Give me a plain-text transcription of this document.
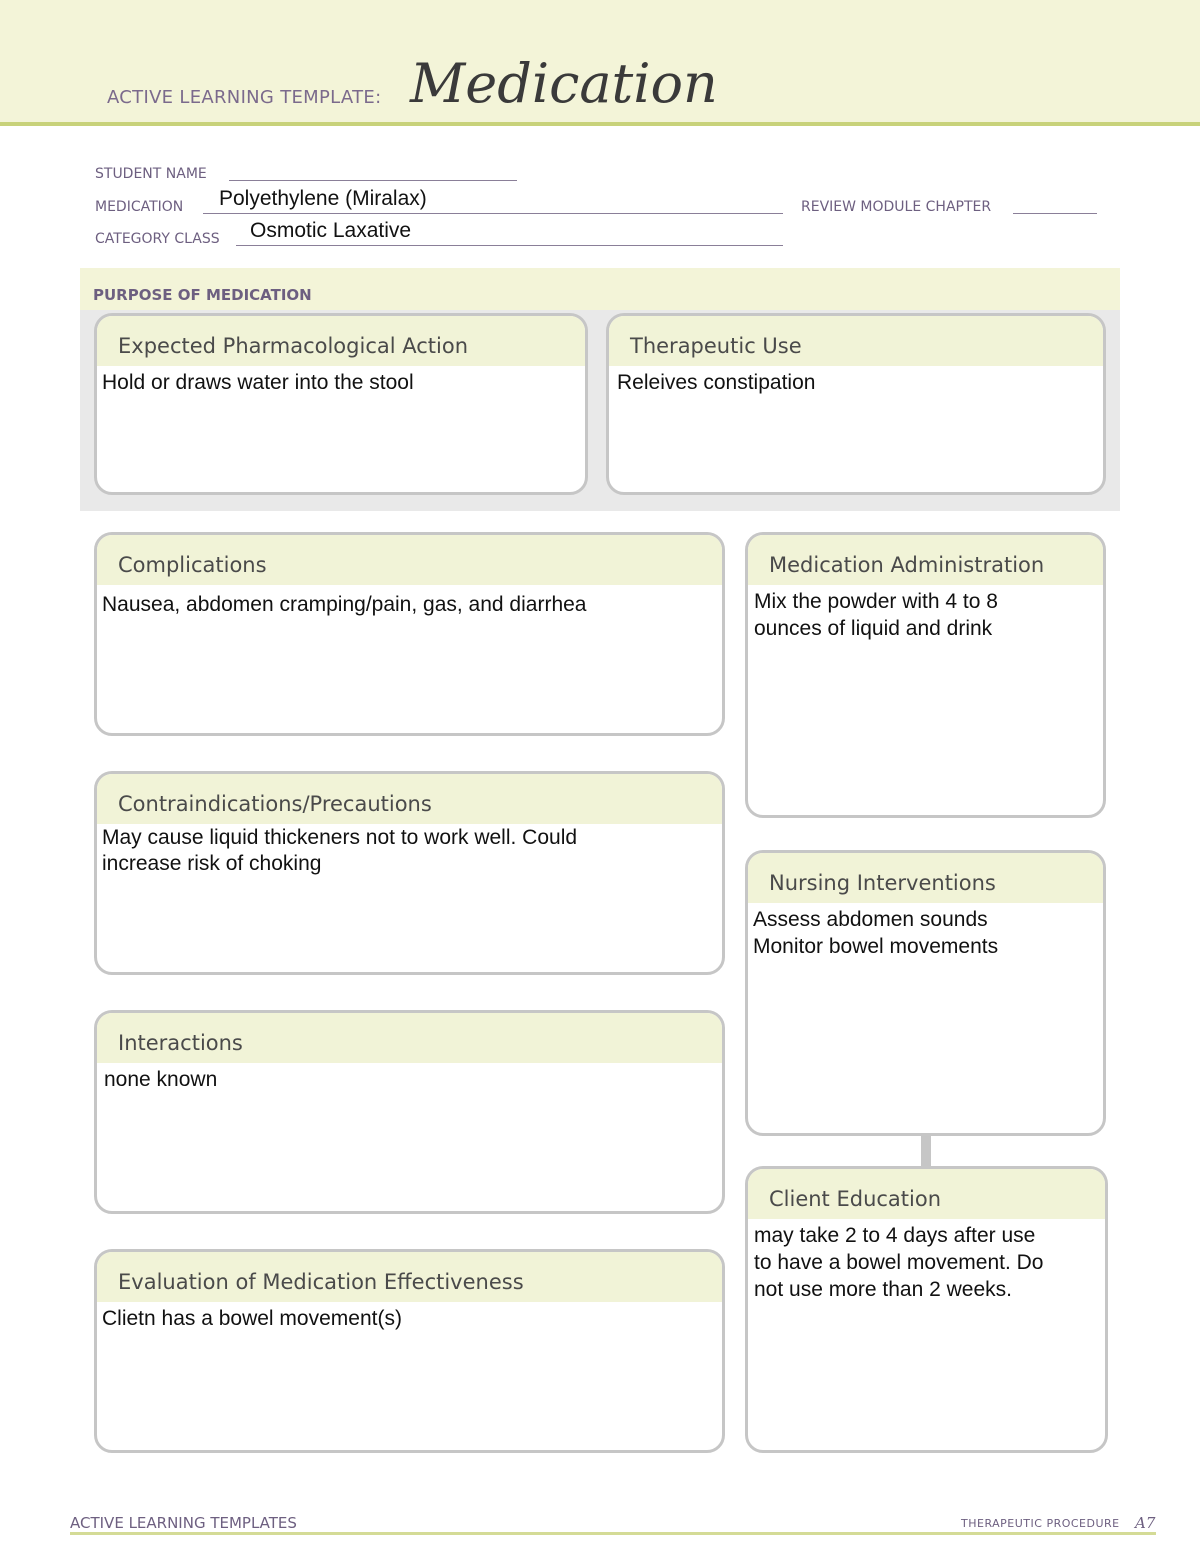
ACTIVE LEARNING TEMPLATE: Medication
STUDENT NAME
MEDICATION Polyethylene (Miralax)	REVIEW MODULE CHAPTER
CATEGORY CLASS Osmotic Laxative
PURPOSE OF MEDICATION
Expected Pharmacological Action
Hold or draws water into the stool
Therapeutic Use
Releives constipation
Complications
Nausea, abdomen cramping/pain, gas, and diarrhea
Contraindications/Precautions
May cause liquid thickeners not to work well. Could
increase risk of choking
Interactions
none known
Evaluation of Medication Effectiveness
Clietn has a bowel movement(s)
Medication Administration
Mix the powder with 4 to 8
ounces of liquid and drink
Nursing Interventions
Assess abdomen sounds
Monitor bowel movements
Client Education
may take 2 to 4 days after use
to have a bowel movement. Do
not use more than 2 weeks.
ACTIVE LEARNING TEMPLATES	THERAPEUTIC PROCEDURE A7
